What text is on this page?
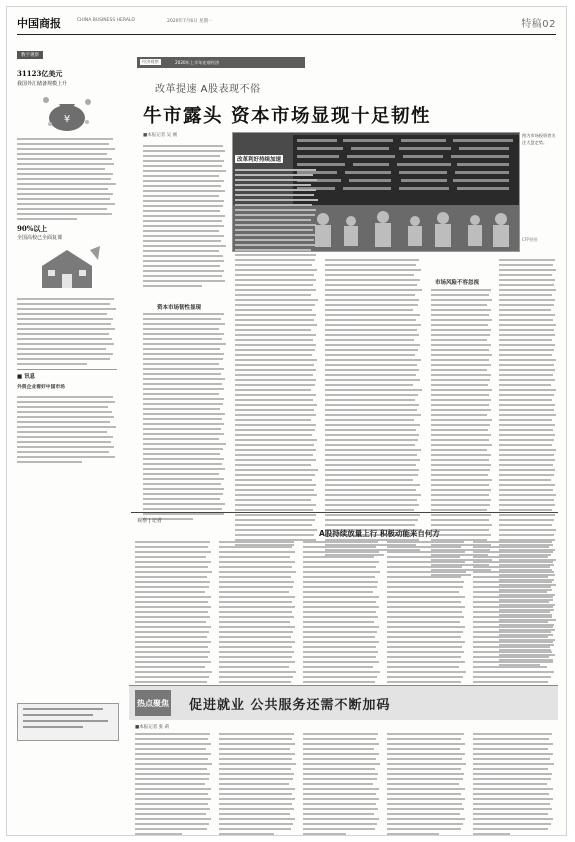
中国商报	CHINA BUSINESS HERALD	2020年7月6日 星期一	特稿02
数字观察
31123亿美元
我国外汇储备规模上升
¥
90%以上
全国高校已全面复课
■ 讯息
外资企业看好中国市场
经济观察	2020年上半年宏观经济
改革提速 A股表现不俗
牛市露头 资本市场显现十足韧性
■本报记者 吴 刚	图为市场投资者关注大盘走势。
CFP供图
改革利好持续加速
资本市场韧性显现
市场风险不容忽视
观察 | 记者
A股持续放量上行 积极动能来自何方
热点聚焦 促进就业 公共服务还需不断加码
■本报记者 张 莉
